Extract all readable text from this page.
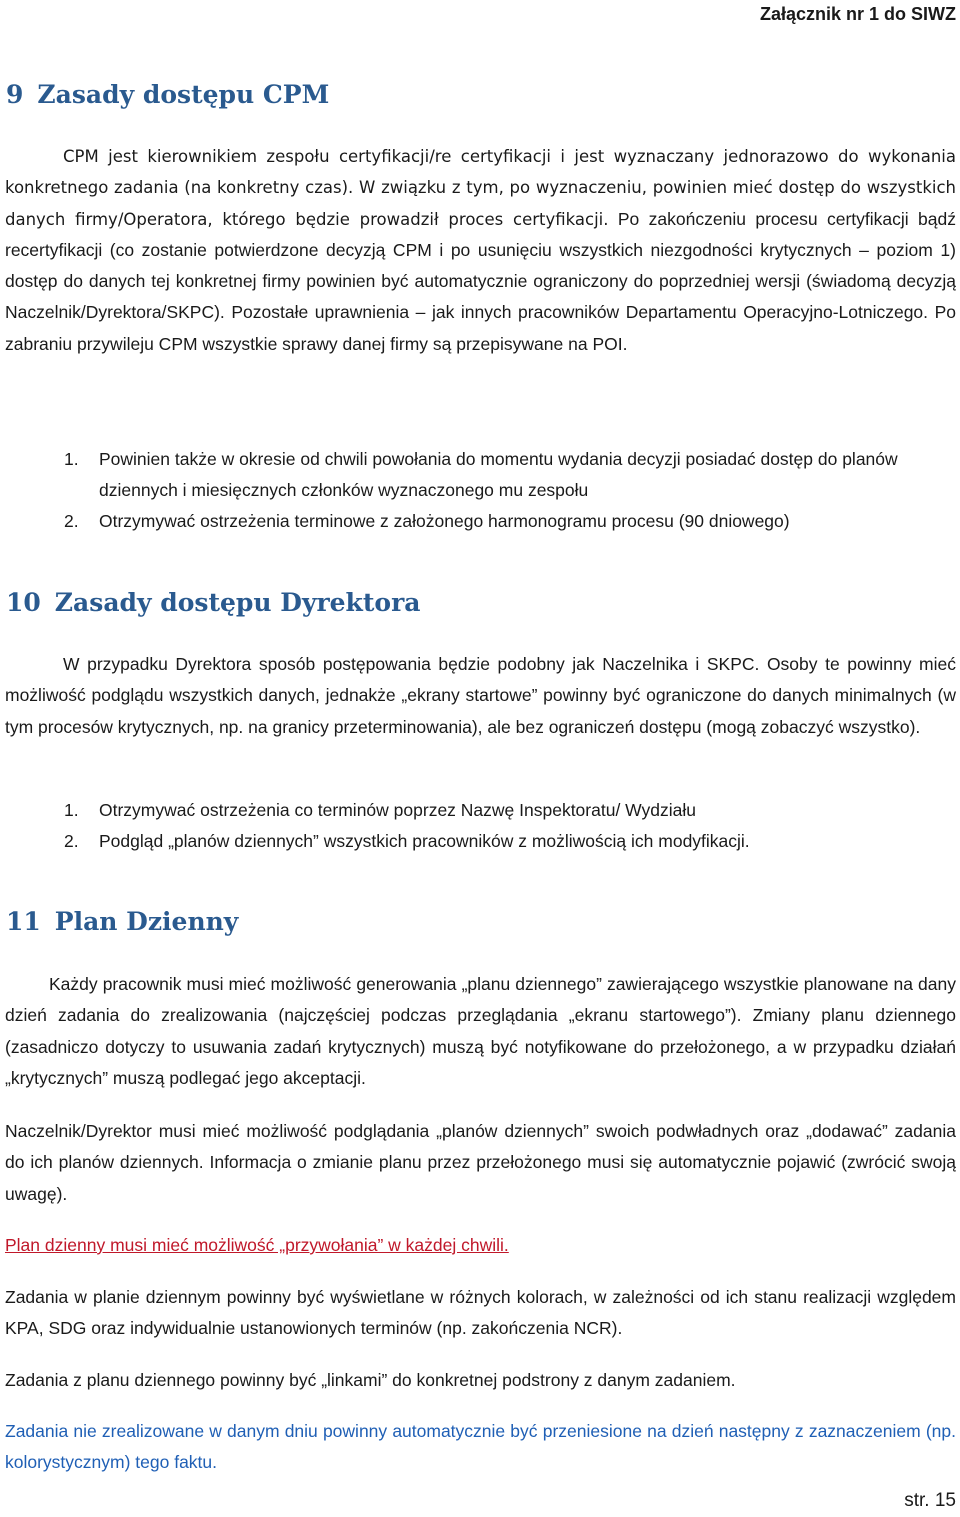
Załącznik nr 1 do SIWZ
9 Zasady dostępu CPM
CPM jest kierownikiem zespołu certyfikacji/re certyfikacji i jest wyznaczany jednorazowo do wykonania konkretnego zadania (na konkretny czas). W związku z tym, po wyznaczeniu, powinien mieć dostęp do wszystkich danych firmy/Operatora, którego będzie prowadził proces certyfikacji. Po zakończeniu procesu certyfikacji bądź recertyfikacji (co zostanie potwierdzone decyzją CPM i po usunięciu wszystkich niezgodności krytycznych – poziom 1) dostęp do danych tej konkretnej firmy powinien być automatycznie ograniczony do poprzedniej wersji (świadomą decyzją Naczelnik/Dyrektora/SKPC). Pozostałe uprawnienia – jak innych pracowników Departamentu Operacyjno-Lotniczego. Po zabraniu przywileju CPM wszystkie sprawy danej firmy są przepisywane na POI.
1. Powinien także w okresie od chwili powołania do momentu wydania decyzji posiadać dostęp do planów dziennych i miesięcznych członków wyznaczonego mu zespołu
2. Otrzymywać ostrzeżenia terminowe z założonego harmonogramu procesu (90 dniowego)
10 Zasady dostępu Dyrektora
W przypadku Dyrektora sposób postępowania będzie podobny jak Naczelnika i SKPC. Osoby te powinny mieć możliwość podglądu wszystkich danych, jednakże „ekrany startowe” powinny być ograniczone do danych minimalnych (w tym procesów krytycznych, np. na granicy przeterminowania), ale bez ograniczeń dostępu (mogą zobaczyć wszystko).
1. Otrzymywać ostrzeżenia co terminów poprzez Nazwę Inspektoratu/ Wydziału
2. Podgląd „planów dziennych” wszystkich pracowników z możliwością ich modyfikacji.
11 Plan Dzienny
Każdy pracownik musi mieć możliwość generowania „planu dziennego” zawierającego wszystkie planowane na dany dzień zadania do zrealizowania (najczęściej podczas przeglądania „ekranu startowego”). Zmiany planu dziennego (zasadniczo dotyczy to usuwania zadań krytycznych) muszą być notyfikowane do przełożonego, a w przypadku działań „krytycznych” muszą podlegać jego akceptacji.
Naczelnik/Dyrektor musi mieć możliwość podglądania „planów dziennych” swoich podwładnych oraz „dodawać” zadania do ich planów dziennych. Informacja o zmianie planu przez przełożonego musi się automatycznie pojawić (zwrócić swoją uwagę).
Plan dzienny musi mieć możliwość „przywołania” w każdej chwili.
Zadania w planie dziennym powinny być wyświetlane w różnych kolorach, w zależności od ich stanu realizacji względem KPA, SDG oraz indywidualnie ustanowionych terminów (np. zakończenia NCR).
Zadania z planu dziennego powinny być „linkami” do konkretnej podstrony z danym zadaniem.
Zadania nie zrealizowane w danym dniu powinny automatycznie być przeniesione na dzień następny z zaznaczeniem (np. kolorystycznym) tego faktu.
str. 15
